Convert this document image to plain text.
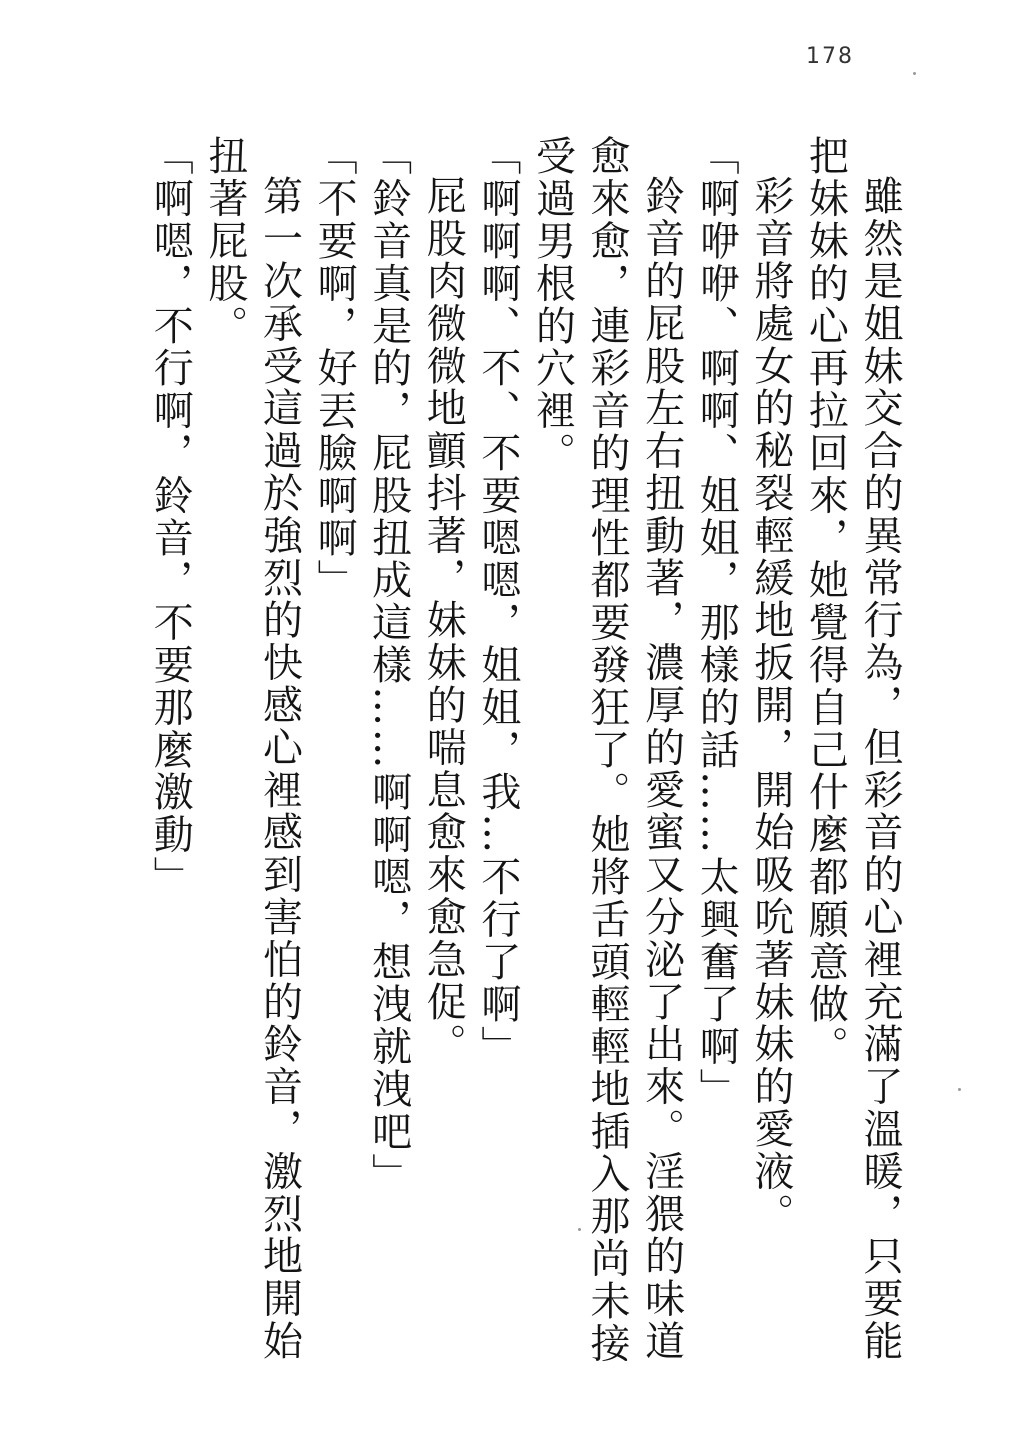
178

雖然是姐妹交合的異常行為，但彩音的心裡充滿了溫暖，只要能

把妹妹的心再拉回來，她覺得自己什麼都願意做。

彩音將處女的秘裂輕緩地扳開，開始吸吮著妹妹的愛液。

「啊咿咿、啊啊、姐姐，那樣的話……太興奮了啊」

鈴音的屁股左右扭動著，濃厚的愛蜜又分泌了出來。淫猥的味道

愈來愈，連彩音的理性都要發狂了。她將舌頭輕輕地插入那尚未接

受過男根的穴裡。

「啊啊啊、不、不要嗯嗯，姐姐，我…不行了啊」

屁股肉微微地顫抖著，妹妹的喘息愈來愈急促。

「鈴音真是的，屁股扭成這樣……啊啊嗯，想洩就洩吧」

「不要啊，好丟臉啊啊」

第一次承受這過於強烈的快感心裡感到害怕的鈴音，激烈地開始

扭著屁股。

「啊嗯，不行啊，鈴音，不要那麼激動」
